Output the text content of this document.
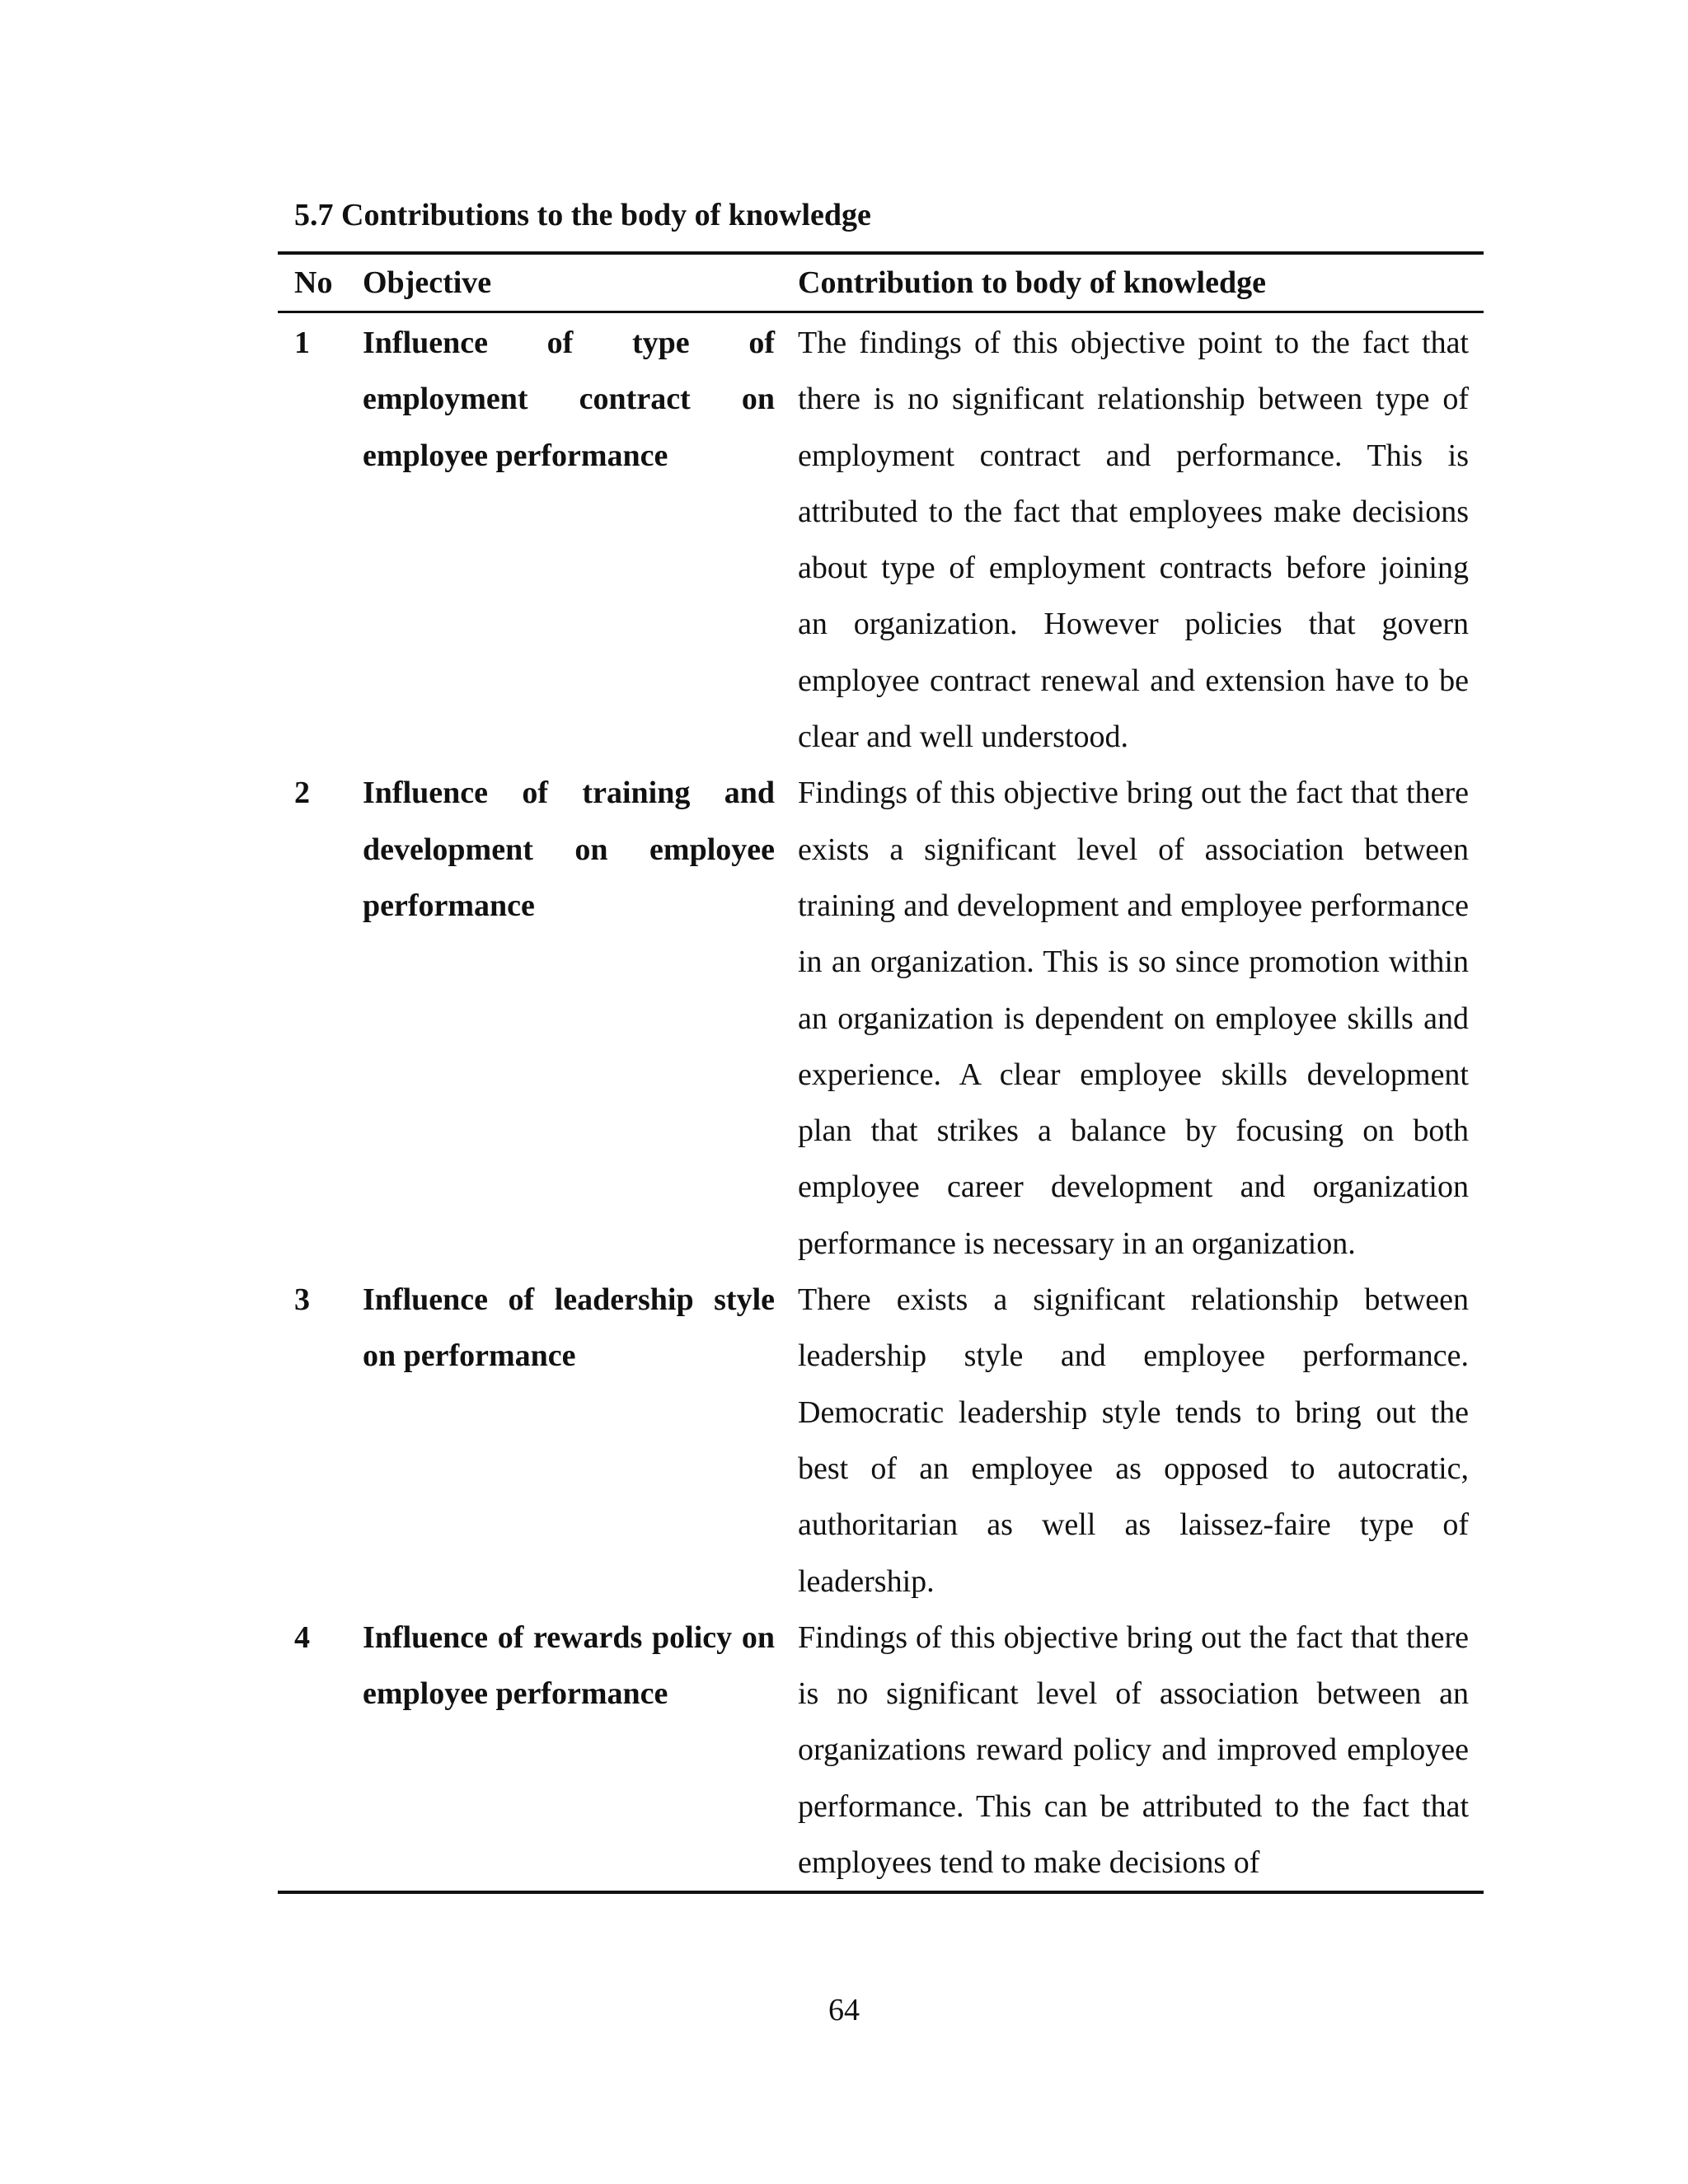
5.7 Contributions to the body of knowledge
No	Objective	Contribution to body of knowledge
1	Influence of type of employment contract on employee performance	The findings of this objective point to the fact that there is no significant relationship between type of employment contract and performance. This is attributed to the fact that employees make decisions about type of employment contracts before joining an organization. However policies that govern employee contract renewal and extension have to be clear and well understood.
2	Influence of training and development on employee performance	Findings of this objective bring out the fact that there exists a significant level of association between training and development and employee performance in an organization. This is so since promotion within an organization is dependent on employee skills and experience. A clear employee skills development plan that strikes a balance by focusing on both employee career development and organization performance is necessary in an organization.
3	Influence of leadership style on performance	There exists a significant relationship between leadership style and employee performance. Democratic leadership style tends to bring out the best of an employee as opposed to autocratic, authoritarian as well as laissez-faire type of leadership.
4	Influence of rewards policy on employee performance	Findings of this objective bring out the fact that there is no significant level of association between an organizations reward policy and improved employee performance. This can be attributed to the fact that employees tend to make decisions of
64
